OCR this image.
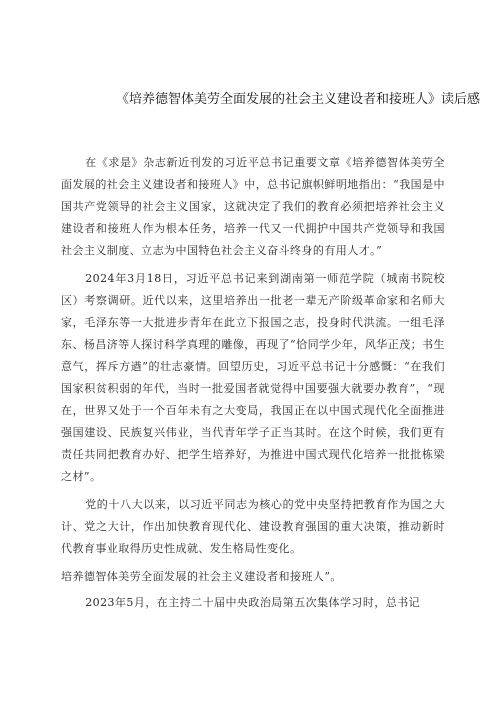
《培养德智体美劳全面发展的社会主义建设者和接班人》读后感

在《求是》杂志新近刊发的习近平总书记重要文章《培养德智体美劳全面发展的社会主义建设者和接班人》中，总书记旗帜鲜明地指出：“我国是中国共产党领导的社会主义国家，这就决定了我们的教育必须把培养社会主义建设者和接班人作为根本任务，培养一代又一代拥护中国共产党领导和我国社会主义制度、立志为中国特色社会主义奋斗终身的有用人才。”

2024年3月18日，习近平总书记来到湖南第一师范学院（城南书院校区）考察调研。近代以来，这里培养出一批老一辈无产阶级革命家和名师大家，毛泽东等一大批进步青年在此立下报国之志，投身时代洪流。一组毛泽东、杨昌济等人探讨科学真理的雕像，再现了“恰同学少年，风华正茂；书生意气，挥斥方遒”的壮志豪情。回望历史，习近平总书记十分感慨：“在我们国家积贫积弱的年代，当时一批爱国者就觉得中国要强大就要办教育”，“现在，世界又处于一个百年未有之大变局，我国正在以中国式现代化全面推进强国建设、民族复兴伟业，当代青年学子正当其时。在这个时候，我们更有责任共同把教育办好、把学生培养好，为推进中国式现代化培养一批批栋梁之材”。

党的十八大以来，以习近平同志为核心的党中央坚持把教育作为国之大计、党之大计，作出加快教育现代化、建设教育强国的重大决策，推动新时代教育事业取得历史性成就、发生格局性变化。

培养德智体美劳全面发展的社会主义建设者和接班人”。

2023年5月，在主持二十届中央政治局第五次集体学习时，总书记
